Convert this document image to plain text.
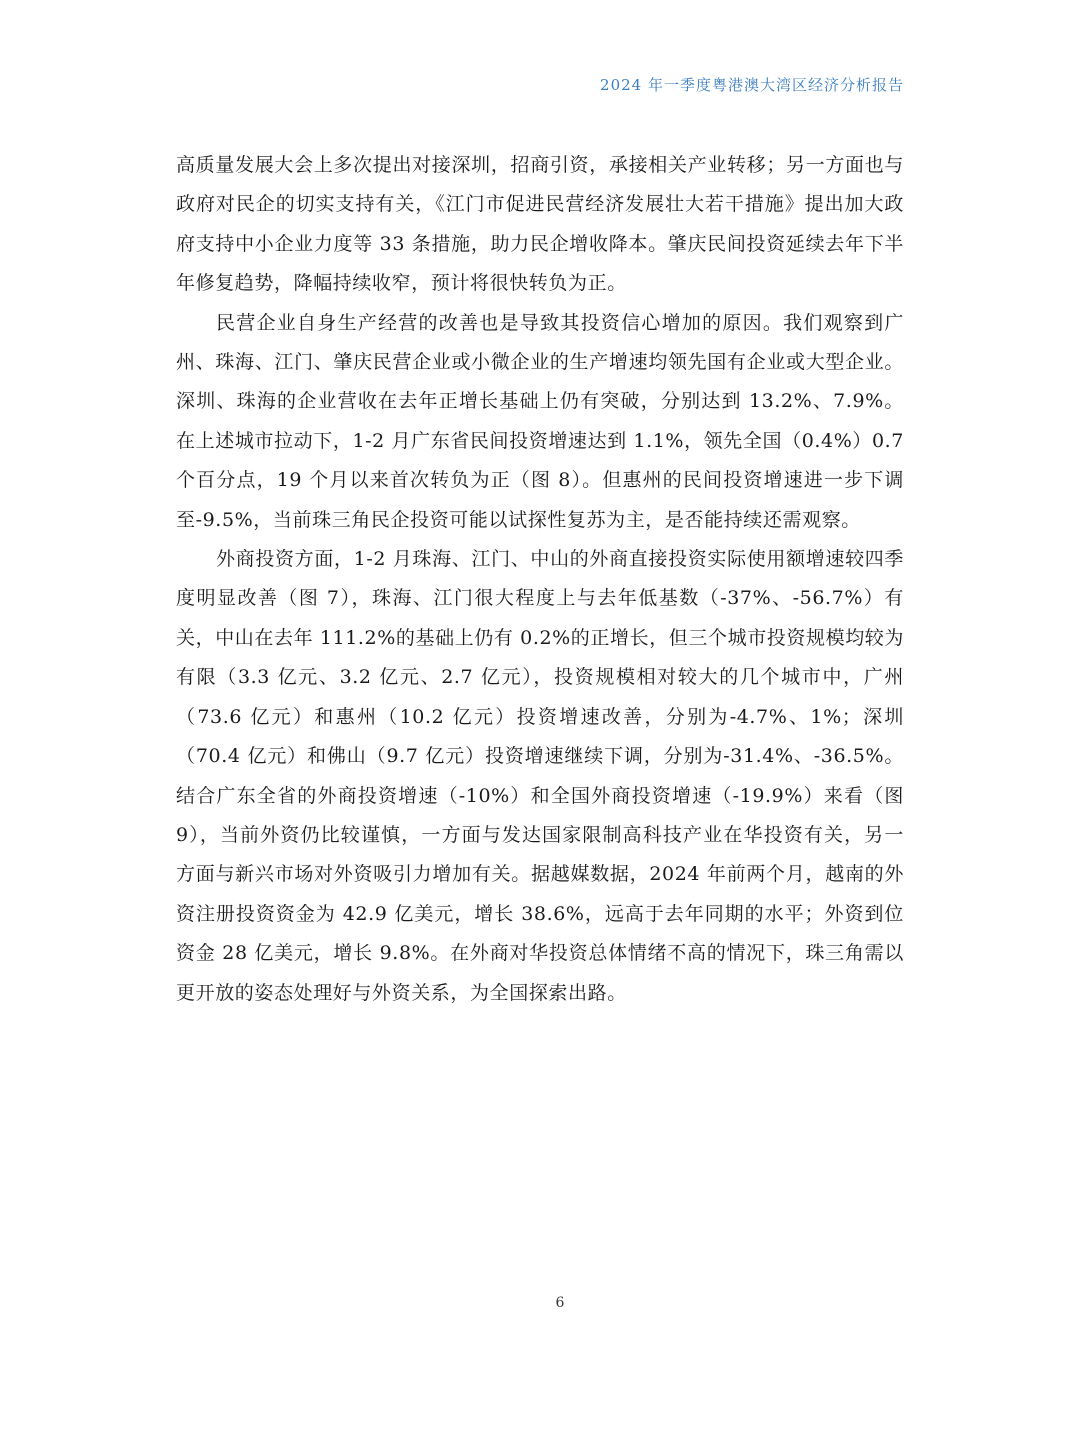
2024 年一季度粤港澳大湾区经济分析报告

高质量发展大会上多次提出对接深圳，招商引资，承接相关产业转移；另一方面也与政府对民企的切实支持有关，《江门市促进民营经济发展壮大若干措施》提出加大政府支持中小企业力度等 33 条措施，助力民企增收降本。肇庆民间投资延续去年下半年修复趋势，降幅持续收窄，预计将很快转负为正。

民营企业自身生产经营的改善也是导致其投资信心增加的原因。我们观察到广州、珠海、江门、肇庆民营企业或小微企业的生产增速均领先国有企业或大型企业。深圳、珠海的企业营收在去年正增长基础上仍有突破，分别达到 13.2%、7.9%。在上述城市拉动下，1-2 月广东省民间投资增速达到 1.1%，领先全国（0.4%）0.7 个百分点，19 个月以来首次转负为正（图 8）。但惠州的民间投资增速进一步下调至-9.5%，当前珠三角民企投资可能以试探性复苏为主，是否能持续还需观察。

外商投资方面，1-2 月珠海、江门、中山的外商直接投资实际使用额增速较四季度明显改善（图 7），珠海、江门很大程度上与去年低基数（-37%、-56.7%）有关，中山在去年 111.2%的基础上仍有 0.2%的正增长，但三个城市投资规模均较为有限（3.3 亿元、3.2 亿元、2.7 亿元），投资规模相对较大的几个城市中，广州（73.6 亿元）和惠州（10.2 亿元）投资增速改善，分别为-4.7%、1%；深圳（70.4 亿元）和佛山（9.7 亿元）投资增速继续下调，分别为-31.4%、-36.5%。结合广东全省的外商投资增速（-10%）和全国外商投资增速（-19.9%）来看（图 9），当前外资仍比较谨慎，一方面与发达国家限制高科技产业在华投资有关，另一方面与新兴市场对外资吸引力增加有关。据越媒数据，2024 年前两个月，越南的外资注册投资资金为 42.9 亿美元，增长 38.6%，远高于去年同期的水平；外资到位资金 28 亿美元，增长 9.8%。在外商对华投资总体情绪不高的情况下，珠三角需以更开放的姿态处理好与外资关系，为全国探索出路。

6
